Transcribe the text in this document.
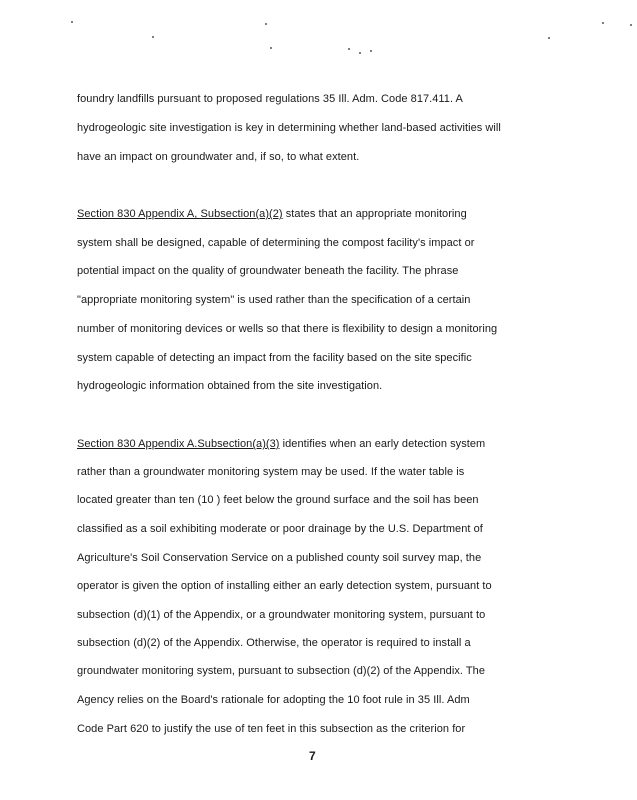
foundry landfills pursuant to proposed regulations 35 Ill. Adm. Code 817.411. A
hydrogeologic site investigation is key in determining whether land-based activities will
have an impact on groundwater and, if so, to what extent.
Section 830 Appendix A, Subsection(a)(2) states that an appropriate monitoring
system shall be designed, capable of determining the compost facility's impact or
potential impact on the quality of groundwater beneath the facility. The phrase
"appropriate monitoring system" is used rather than the specification of a certain
number of monitoring devices or wells so that there is flexibility to design a monitoring
system capable of detecting an impact from the facility based on the site specific
hydrogeologic information obtained from the site investigation.
Section 830 Appendix A.Subsection(a)(3) identifies when an early detection system
rather than a groundwater monitoring system may be used. If the water table is
located greater than ten (10 ) feet below the ground surface and the soil has been
classified as a soil exhibiting moderate or poor drainage by the U.S. Department of
Agriculture's Soil Conservation Service on a published county soil survey map, the
operator is given the option of installing either an early detection system, pursuant to
subsection (d)(1) of the Appendix, or a groundwater monitoring system, pursuant to
subsection (d)(2) of the Appendix. Otherwise, the operator is required to install a
groundwater monitoring system, pursuant to subsection (d)(2) of the Appendix. The
Agency relies on the Board's rationale for adopting the 10 foot rule in 35 Ill. Adm
Code Part 620 to justify the use of ten feet in this subsection as the criterion for
7
